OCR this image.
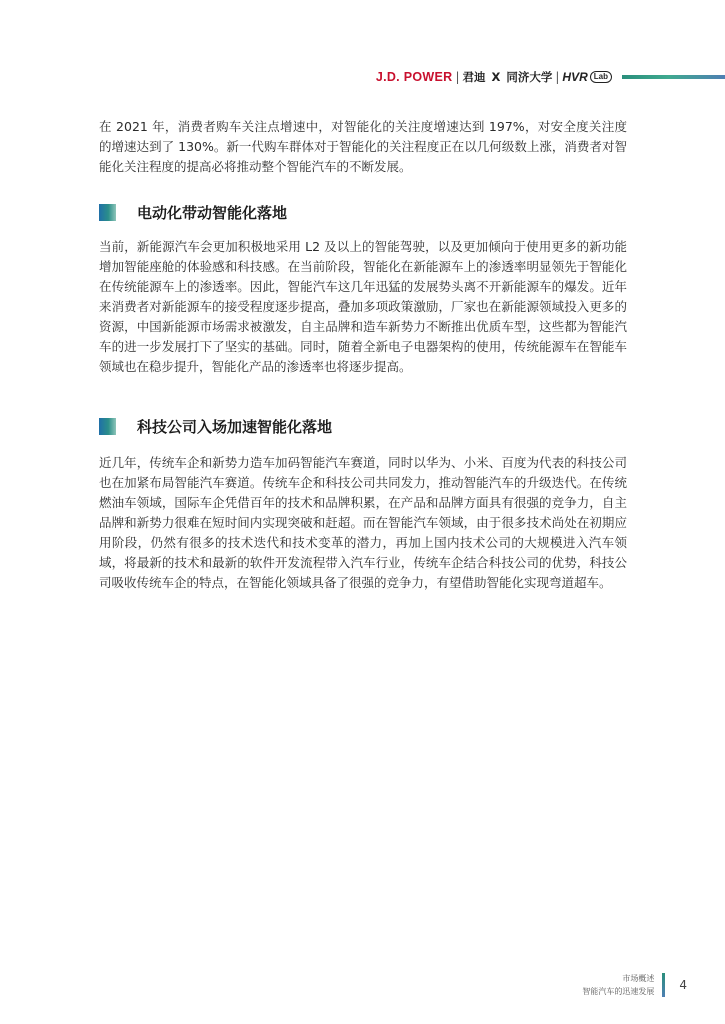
J.D. POWER | 君迪 X 同济大学 | HVR Lab

在 2021 年，消费者购车关注点增速中，对智能化的关注度增速达到 197%，对安全度关注度的增速达到了 130%。新一代购车群体对于智能化的关注程度正在以几何级数上涨，消费者对智能化关注程度的提高必将推动整个智能汽车的不断发展。

电动化带动智能化落地

当前，新能源汽车会更加积极地采用 L2 及以上的智能驾驶，以及更加倾向于使用更多的新功能增加智能座舱的体验感和科技感。在当前阶段，智能化在新能源车上的渗透率明显领先于智能化在传统能源车上的渗透率。因此，智能汽车这几年迅猛的发展势头离不开新能源车的爆发。近年来消费者对新能源车的接受程度逐步提高，叠加多项政策激励，厂家也在新能源领域投入更多的资源，中国新能源市场需求被激发，自主品牌和造车新势力不断推出优质车型，这些都为智能汽车的进一步发展打下了坚实的基础。同时，随着全新电子电器架构的使用，传统能源车在智能车领域也在稳步提升，智能化产品的渗透率也将逐步提高。

科技公司入场加速智能化落地

近几年，传统车企和新势力造车加码智能汽车赛道，同时以华为、小米、百度为代表的科技公司也在加紧布局智能汽车赛道。传统车企和科技公司共同发力，推动智能汽车的升级迭代。在传统燃油车领域，国际车企凭借百年的技术和品牌积累，在产品和品牌方面具有很强的竞争力，自主品牌和新势力很难在短时间内实现突破和赶超。而在智能汽车领域，由于很多技术尚处在初期应用阶段，仍然有很多的技术迭代和技术变革的潜力，再加上国内技术公司的大规模进入汽车领域，将最新的技术和最新的软件开发流程带入汽车行业，传统车企结合科技公司的优势，科技公司吸收传统车企的特点，在智能化领域具备了很强的竞争力，有望借助智能化实现弯道超车。

市场概述
智能汽车的迅速发展 4
